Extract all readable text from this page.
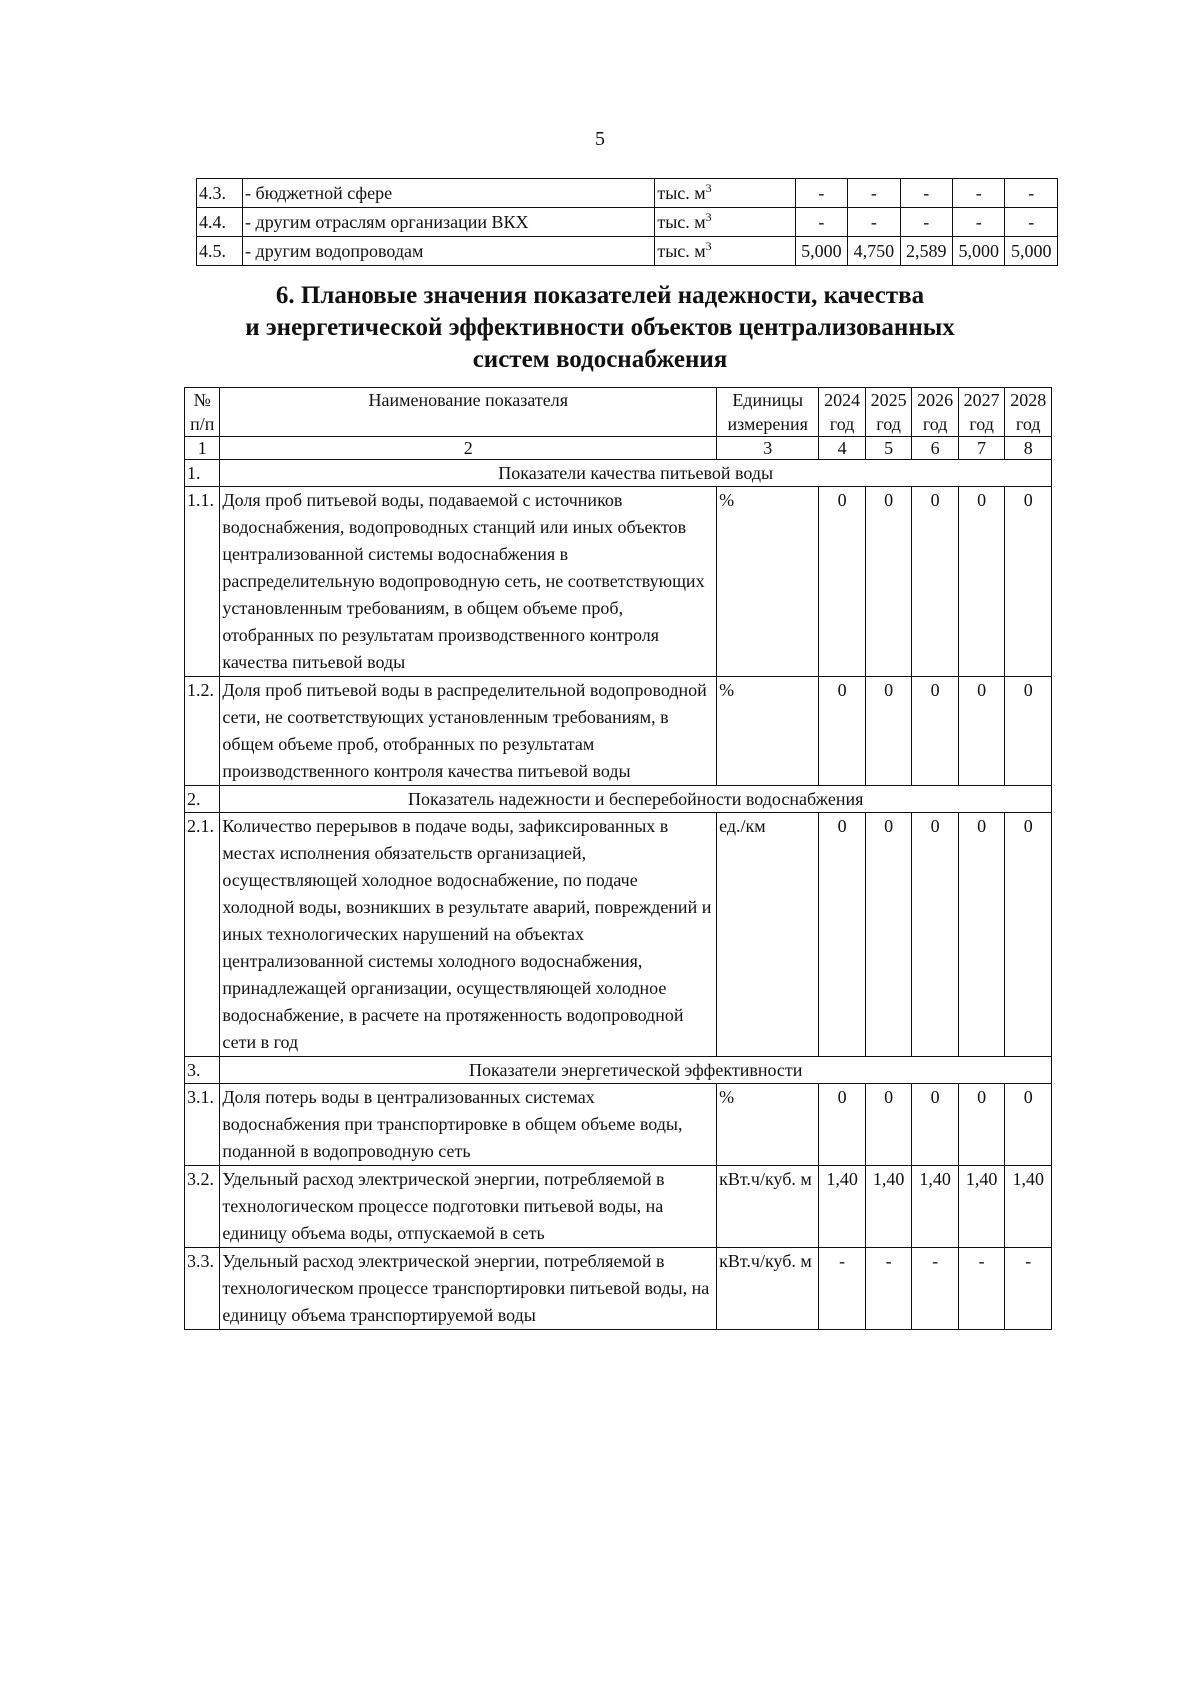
5
4.3.	- бюджетной сфере	тыс. $м^3$	-	-	-	-	-
4.4.	- другим отраслям организации ВКХ	тыс. $м^3$	-	-	-	-	-
4.5.	- другим водопроводам	тыс. $м^3$	5,000	4,750	2,589	5,000	5,000
6. Плановые значения показателей надежности, качества
и энергетической эффективности объектов централизованных
систем водоснабжения
№ п/п	Наименование показателя	Единицы измерения	2024 год	2025 год	2026 год	2027 год	2028 год
1	2	3	4	5	6	7	8
1.	Показатели качества питьевой воды						
1.1.	Доля проб питьевой воды, подаваемой с источников водоснабжения, водопроводных станций или иных объектов централизованной системы водоснабжения в распределительную водопроводную сеть, не соответствующих установленным требованиям, в общем объеме проб, отобранных по результатам производственного контроля качества питьевой воды	%	0	0	0	0	0
1.2.	Доля проб питьевой воды в распределительной водопроводной сети, не соответствующих установленным требованиям, в общем объеме проб, отобранных по результатам производственного контроля качества питьевой воды	%	0	0	0	0	0
2.	Показатель надежности и бесперебойности водоснабжения						
2.1.	Количество перерывов в подаче воды, зафиксированных в местах исполнения обязательств организацией, осуществляющей холодное водоснабжение, по подаче холодной воды, возникших в результате аварий, повреждений и иных технологических нарушений на объектах централизованной системы холодного водоснабжения, принадлежащей организации, осуществляющей холодное водоснабжение, в расчете на протяженность водопроводной сети в год	ед./км	0	0	0	0	0
3.	Показатели энергетической эффективности						
3.1.	Доля потерь воды в централизованных системах водоснабжения при транспортировке в общем объеме воды, поданной в водопроводную сеть	%	0	0	0	0	0
3.2.	Удельный расход электрической энергии, потребляемой в технологическом процессе подготовки питьевой воды, на единицу объема воды, отпускаемой в сеть	кВт.ч/куб. м	1,40	1,40	1,40	1,40	1,40
3.3.	Удельный расход электрической энергии, потребляемой в технологическом процессе транспортировки питьевой воды, на единицу объема транспортируемой воды	кВт.ч/куб. м	-	-	-	-	-
